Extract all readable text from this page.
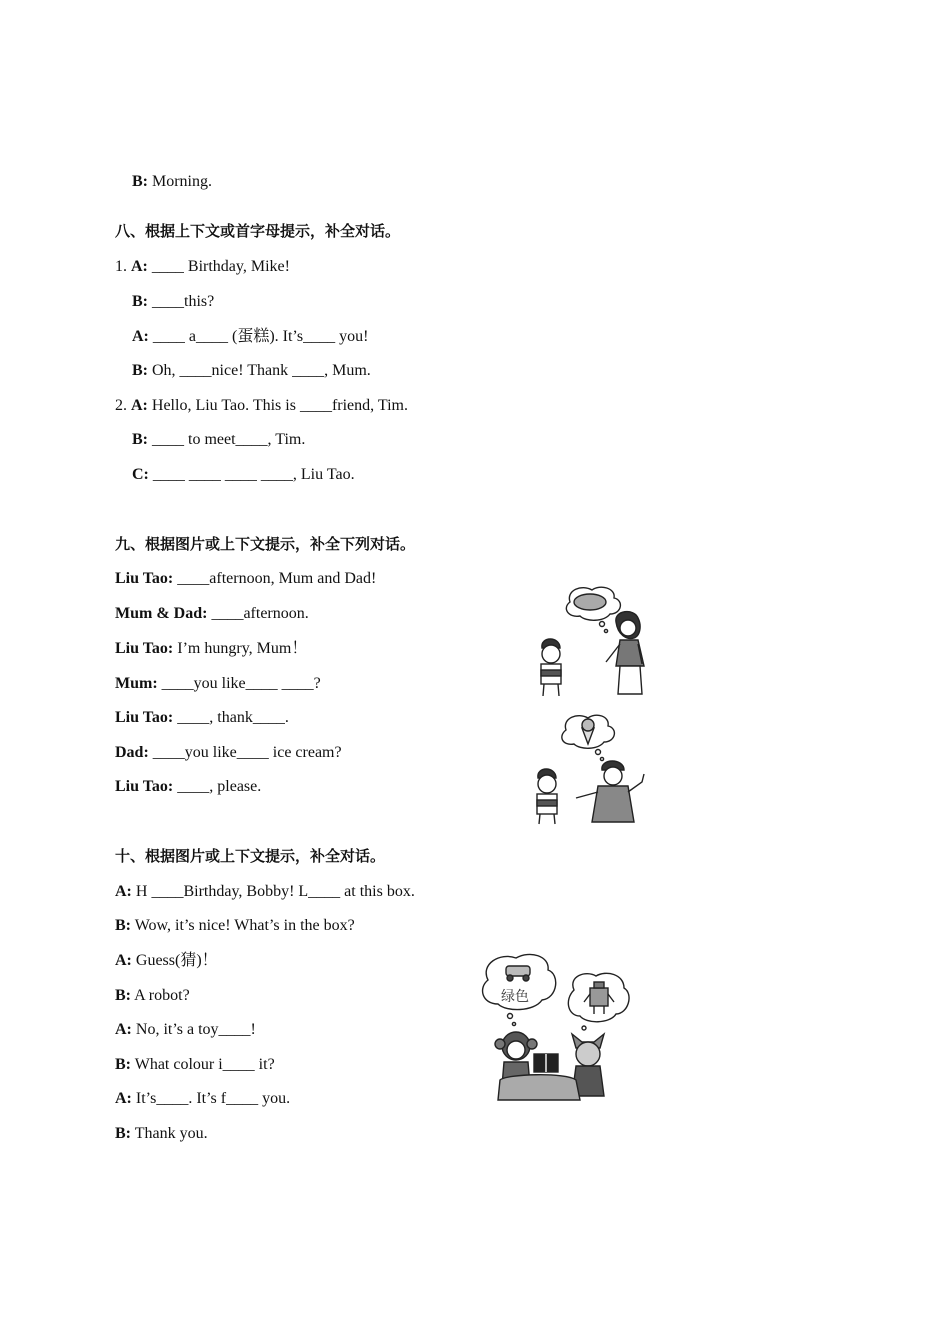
B: Morning.

八、根据上下文或首字母提示，补全对话。
1. A: ____ Birthday, Mike!
B: ____this?
A: ____ a____ (蛋糕). It’s____ you!
B: Oh, ____nice! Thank ____, Mum.
2. A: Hello, Liu Tao. This is ____friend, Tim.
B: ____ to meet____, Tim.
C: ____ ____ ____ ____, Liu Tao.
九、根据图片或上下文提示，补全下列对话。
Liu Tao: ____afternoon, Mum and Dad!
Mum & Dad: ____afternoon.
Liu Tao: I’m hungry, Mum！
Mum: ____you like____ ____?
Liu Tao: ____, thank____.
Dad: ____you like____ ice cream?
Liu Tao: ____, please.
十、根据图片或上下文提示，补全对话。
A: H ____Birthday, Bobby! L____ at this box.
B: Wow, it’s nice! What’s in the box?
A: Guess(猜)！
B: A robot?
A: No, it’s a toy____!
B: What colour i____ it?
A: It’s____. It’s f____ you.
B: Thank you.
绿色
